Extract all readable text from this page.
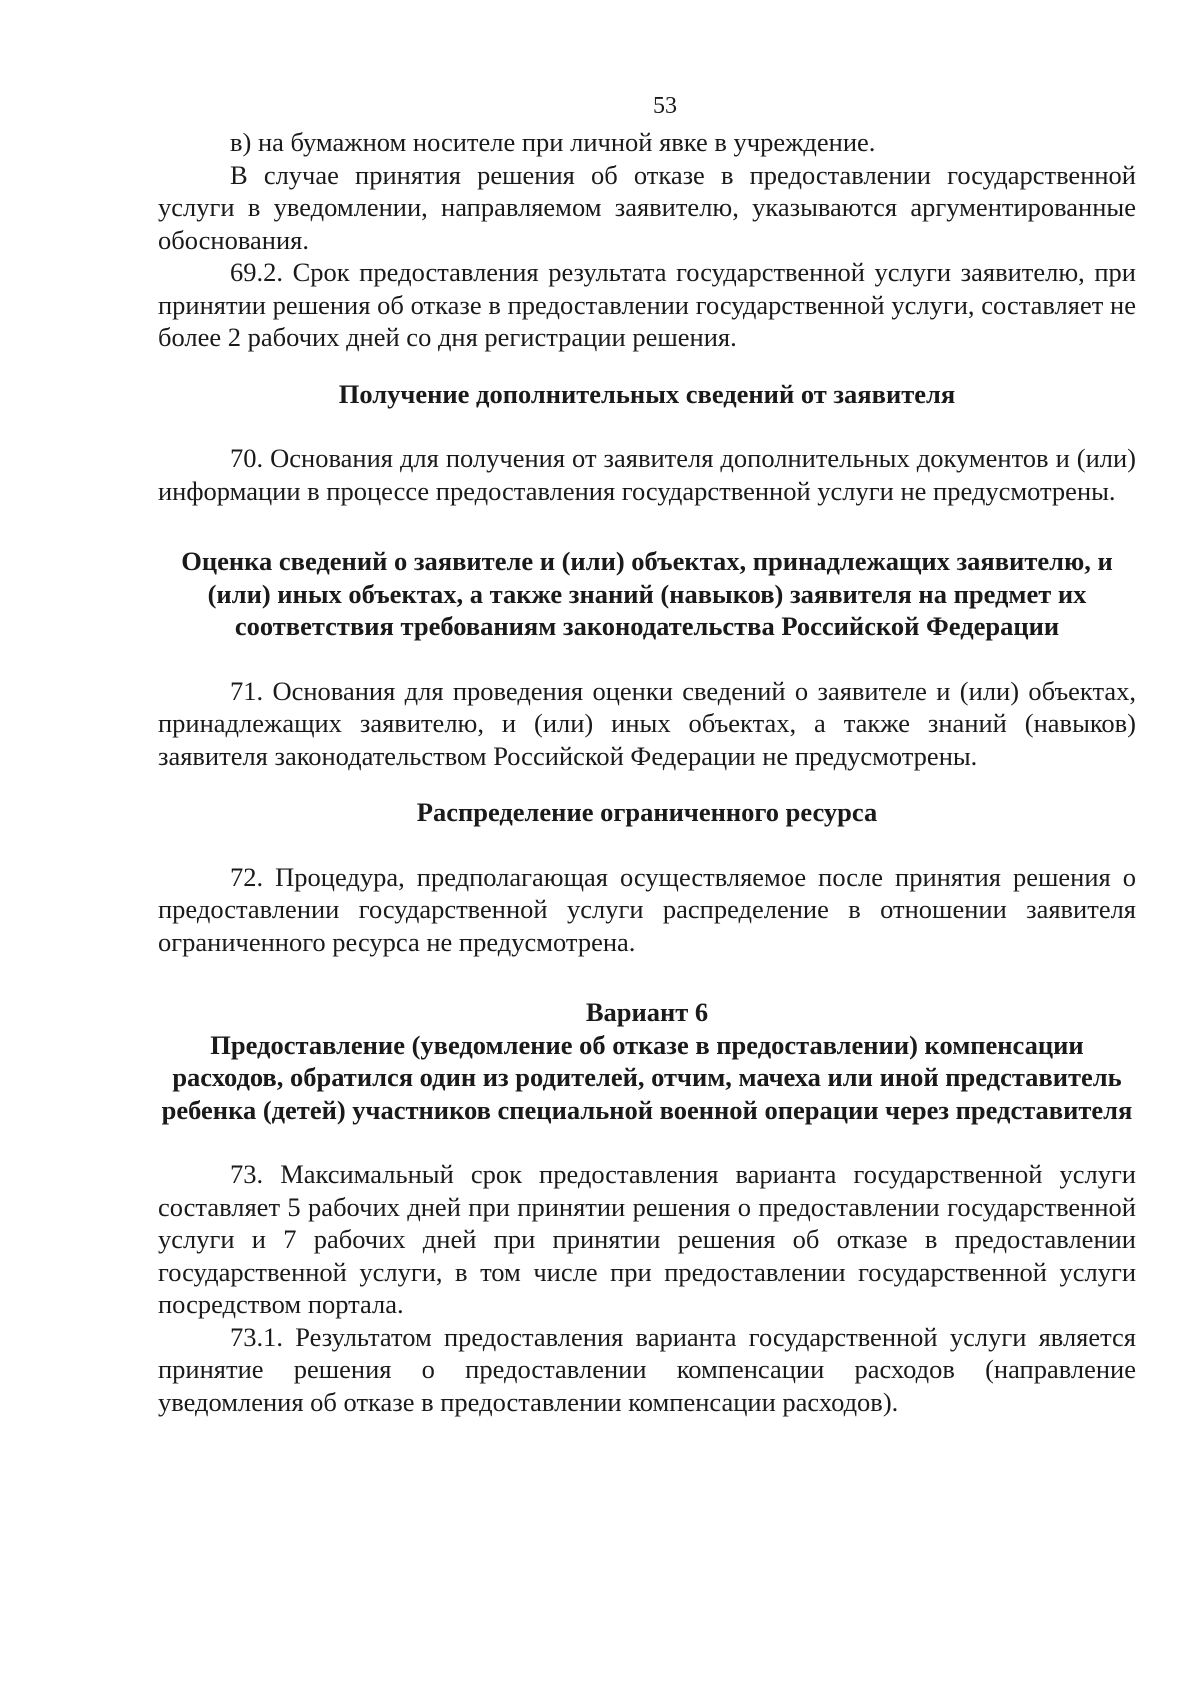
53

в) на бумажном носителе при личной явке в учреждение.

В случае принятия решения об отказе в предоставлении государственной услуги в уведомлении, направляемом заявителю, указываются аргументированные обоснования.

69.2. Срок предоставления результата государственной услуги заявителю, при принятии решения об отказе в предоставлении государственной услуги, составляет не более 2 рабочих дней со дня регистрации решения.

Получение дополнительных сведений от заявителя

70. Основания для получения от заявителя дополнительных документов и (или) информации в процессе предоставления государственной услуги не предусмотрены.

Оценка сведений о заявителе и (или) объектах, принадлежащих заявителю, и (или) иных объектах, а также знаний (навыков) заявителя на предмет их соответствия требованиям законодательства Российской Федерации

71. Основания для проведения оценки сведений о заявителе и (или) объектах, принадлежащих заявителю, и (или) иных объектах, а также знаний (навыков) заявителя законодательством Российской Федерации не предусмотрены.

Распределение ограниченного ресурса

72. Процедура, предполагающая осуществляемое после принятия решения о предоставлении государственной услуги распределение в отношении заявителя ограниченного ресурса не предусмотрена.

Вариант 6
Предоставление (уведомление об отказе в предоставлении) компенсации расходов, обратился один из родителей, отчим, мачеха или иной представитель ребенка (детей) участников специальной военной операции через представителя

73. Максимальный срок предоставления варианта государственной услуги составляет 5 рабочих дней при принятии решения о предоставлении государственной услуги и 7 рабочих дней при принятии решения об отказе в предоставлении государственной услуги, в том числе при предоставлении государственной услуги посредством портала.

73.1. Результатом предоставления варианта государственной услуги является принятие решения о предоставлении компенсации расходов (направление уведомления об отказе в предоставлении компенсации расходов).
